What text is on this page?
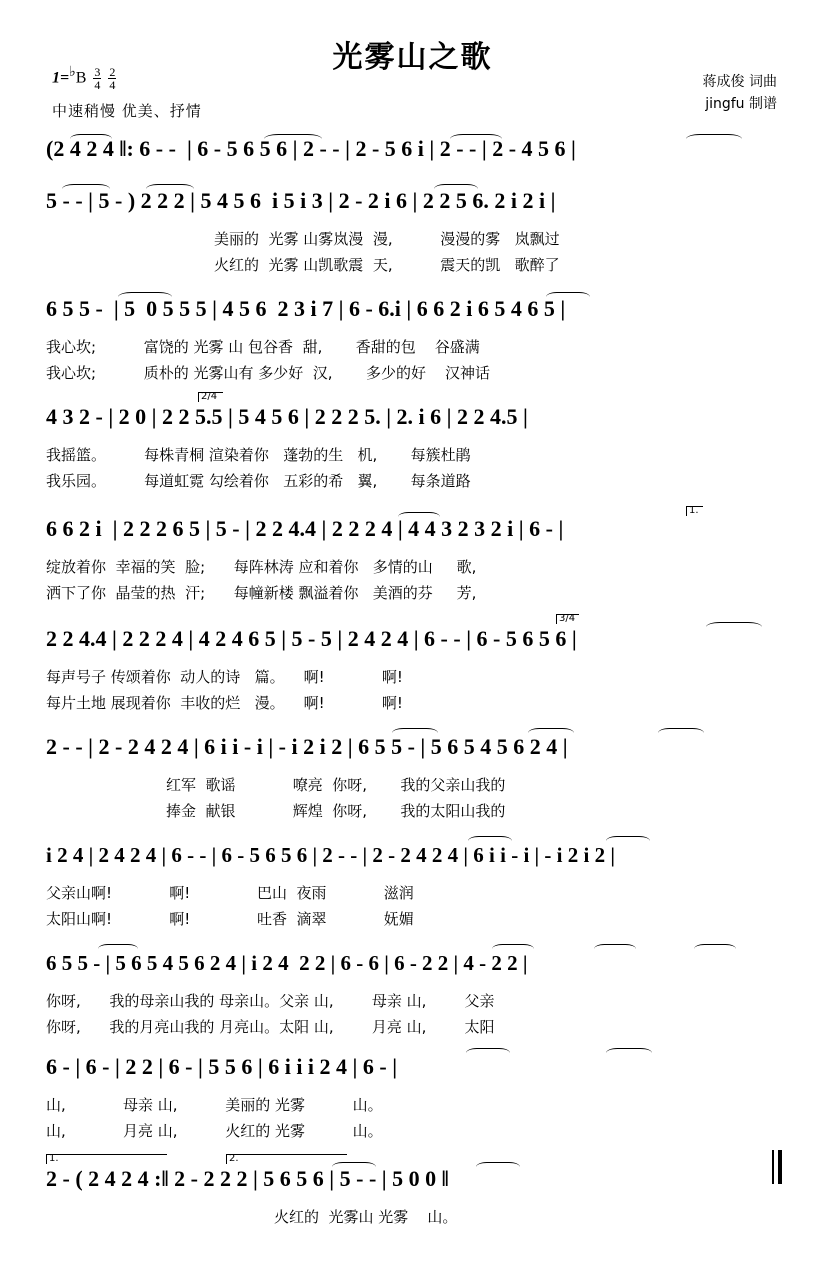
光雾山之歌
1=♭B $\frac{3}{4}$
$\frac{2}{4}$
中速稍慢 优美、抒情
蒋成俊 词曲
jingfu 制谱

(2 4 2 4 ‖: 6 - -  | 6 - 5 6 5 6 | 2 - - | 2 - 5 6 i | 2 - - | 2 - 4 5 6 |

5 - - | 5 - ) 2 2 2 | 5 4 5 6  i 5 i 3 | 2 - 2 i 6 | 2 2 5 6. 2 i 2 i |

美丽的  光雾 山雾岚漫  漫,          漫漫的雾   岚飘过

火红的  光雾 山凯歌震  天,          震天的凯   歌醉了

6 5 5 -  | 5  0 5 5 5 | 4 5 6  2 3 i 7 | 6 - 6.i | 6 6 2 i 6 5 4 6 5 |

我心坎;          富饶的 光雾 山 包谷香  甜,       香甜的包    谷盛满

我心坎;          质朴的 光雾山有 多少好  汉,       多少的好    汉神话

4 3 2 - | 2 0 | 2 2 5.5 | 5 4 5 6 | 2 2 2 5. | 2. i 6 | 2 2 4.5 |

2/4

我摇篮。        每株青桐 渲染着你   蓬勃的生   机,       每簇杜鹃

我乐园。        每道虹霓 勾绘着你   五彩的希   翼,       每条道路

6 6 2 i  | 2 2 2 6 5 | 5 - | 2 2 4.4 | 2 2 2 4 | 4 4 3 2 3 2 i | 6 - |

1.

绽放着你  幸福的笑  脸;      每阵林涛 应和着你   多情的山     歌,

洒下了你  晶莹的热  汗;      每幢新楼 飘溢着你   美酒的芬     芳,

2 2 4.4 | 2 2 2 4 | 4 2 4 6 5 | 5 - 5 | 2 4 2 4 | 6 - - | 6 - 5 6 5 6 |

3/4

每声号子 传颂着你  动人的诗   篇。    啊!            啊!

每片土地 展现着你  丰收的烂   漫。    啊!            啊!

2 - - | 2 - 2 4 2 4 | 6 i i - i | - i 2 i 2 | 6 5 5 - | 5 6 5 4 5 6 2 4 |

红军  歌谣            嘹亮  你呀,       我的父亲山我的

捧金  献银            辉煌  你呀,       我的太阳山我的

i 2 4 | 2 4 2 4 | 6 - - | 6 - 5 6 5 6 | 2 - - | 2 - 2 4 2 4 | 6 i i - i | - i 2 i 2 |

父亲山啊!            啊!              巴山  夜雨            滋润

太阳山啊!            啊!              吐香  滴翠            妩媚

6 5 5 - | 5 6 5 4 5 6 2 4 | i 2 4  2 2 | 6 - 6 | 6 - 2 2 | 4 - 2 2 |

你呀,      我的母亲山我的 母亲山。父亲 山,        母亲 山,        父亲

你呀,      我的月亮山我的 月亮山。太阳 山,        月亮 山,        太阳

6 - | 6 - | 2 2 | 6 - | 5 5 6 | 6 i i i 2 4 | 6 - |

山,            母亲 山,          美丽的 光雾          山。

山,            月亮 山,          火红的 光雾          山。

1.	2.

2 - ( 2 4 2 4 :‖ 2 - 2 2 2 | 5 6 5 6 | 5 - - | 5 0 0 ‖

火红的  光雾山 光雾    山。
